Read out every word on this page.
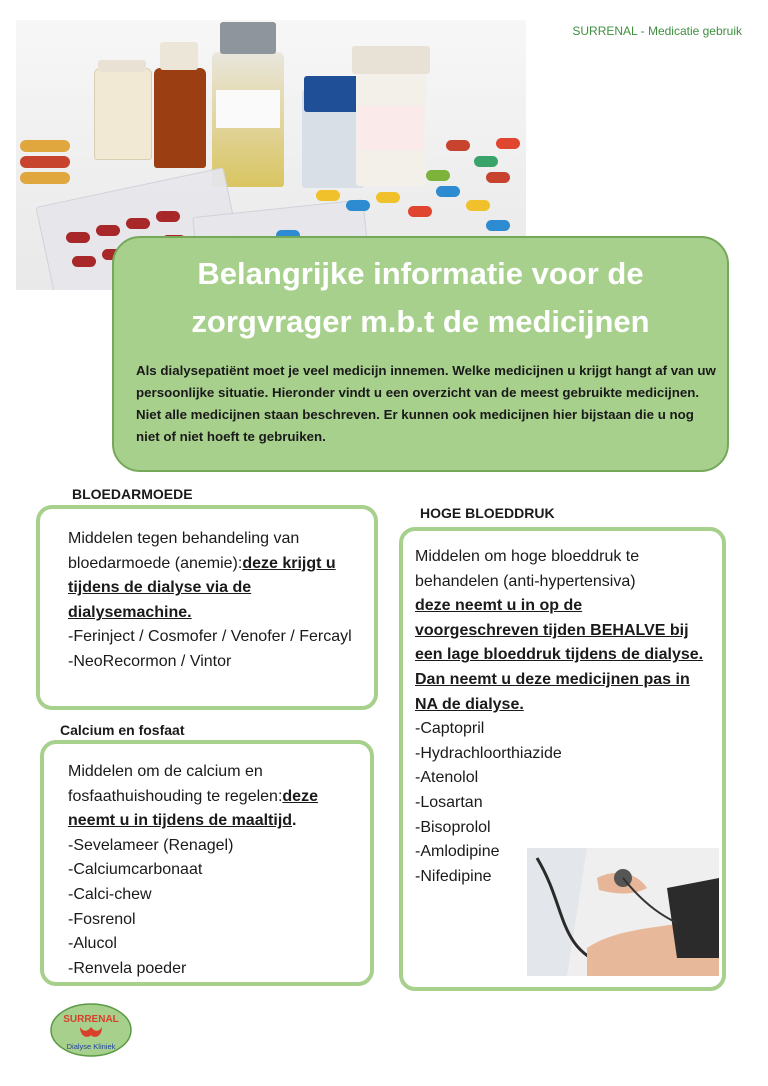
SURRENAL - Medicatie gebruik
Belangrijke informatie voor de
zorgvrager m.b.t de medicijnen

Als dialysepatiënt moet je veel medicijn innemen. Welke medicijnen u krijgt hangt af van uw persoonlijke situatie. Hieronder vindt u een overzicht van de meest gebruikte medicijnen. Niet alle medicijnen staan beschreven. Er kunnen ook medicijnen hier bijstaan die u nog niet of niet hoeft te gebruiken.

BLOEDARMOEDE

Middelen tegen behandeling van bloedarmoede (anemie):deze krijgt u tijdens de dialyse via de dialysemachine.

-Ferinject / Cosmofer / Venofer / Fercayl

-NeoRecormon / Vintor

Calcium en fosfaat

Middelen om de calcium en fosfaathuishouding te regelen:deze neemt u in tijdens de maaltijd.

-Sevelameer (Renagel)

-Calciumcarbonaat

-Calci-chew

-Fosrenol

-Alucol

-Renvela poeder

HOGE BLOEDDRUK

Middelen om hoge bloeddruk te behandelen (anti-hypertensiva)

deze neemt u in op de voorgeschreven tijden BEHALVE bij een lage bloeddruk tijdens de dialyse. Dan neemt u deze medicijnen pas in NA de dialyse.

-Captopril

-Hydrachloorthiazide

-Atenolol

-Losartan

-Bisoprolol

-Amlodipine

-Nifedipine

SURRENAL
Dialyse Kliniek
